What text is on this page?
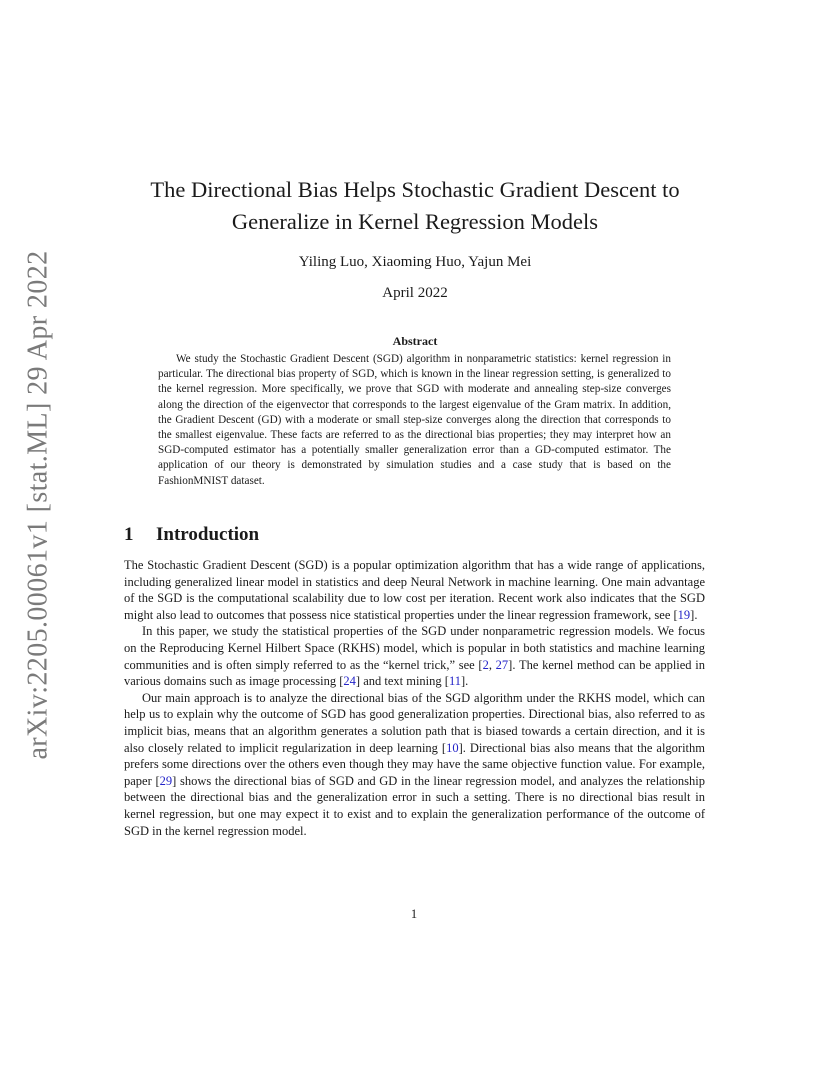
arXiv:2205.00061v1 [stat.ML] 29 Apr 2022
The Directional Bias Helps Stochastic Gradient Descent to Generalize in Kernel Regression Models
Yiling Luo, Xiaoming Huo, Yajun Mei
April 2022
Abstract

We study the Stochastic Gradient Descent (SGD) algorithm in nonparametric statistics: kernel regression in particular. The directional bias property of SGD, which is known in the linear regression setting, is generalized to the kernel regression. More specifically, we prove that SGD with moderate and annealing step-size converges along the direction of the eigenvector that corresponds to the largest eigenvalue of the Gram matrix. In addition, the Gradient Descent (GD) with a moderate or small step-size converges along the direction that corresponds to the smallest eigenvalue. These facts are referred to as the directional bias properties; they may interpret how an SGD-computed estimator has a potentially smaller generalization error than a GD-computed estimator. The application of our theory is demonstrated by simulation studies and a case study that is based on the FashionMNIST dataset.

1 Introduction

The Stochastic Gradient Descent (SGD) is a popular optimization algorithm that has a wide range of applications, including generalized linear model in statistics and deep Neural Network in machine learning. One main advantage of the SGD is the computational scalability due to low cost per iteration. Recent work also indicates that the SGD might also lead to outcomes that possess nice statistical properties under the linear regression framework, see [19].

In this paper, we study the statistical properties of the SGD under nonparametric regression models. We focus on the Reproducing Kernel Hilbert Space (RKHS) model, which is popular in both statistics and machine learning communities and is often simply referred to as the “kernel trick,” see [2, 27]. The kernel method can be applied in various domains such as image processing [24] and text mining [11].

Our main approach is to analyze the directional bias of the SGD algorithm under the RKHS model, which can help us to explain why the outcome of SGD has good generalization properties. Directional bias, also referred to as implicit bias, means that an algorithm generates a solution path that is biased towards a certain direction, and it is also closely related to implicit regularization in deep learning [10]. Directional bias also means that the algorithm prefers some directions over the others even though they may have the same objective function value. For example, paper [29] shows the directional bias of SGD and GD in the linear regression model, and analyzes the relationship between the directional bias and the generalization error in such a setting. There is no directional bias result in kernel regression, but one may expect it to exist and to explain the generalization performance of the outcome of SGD in the kernel regression model.

1
